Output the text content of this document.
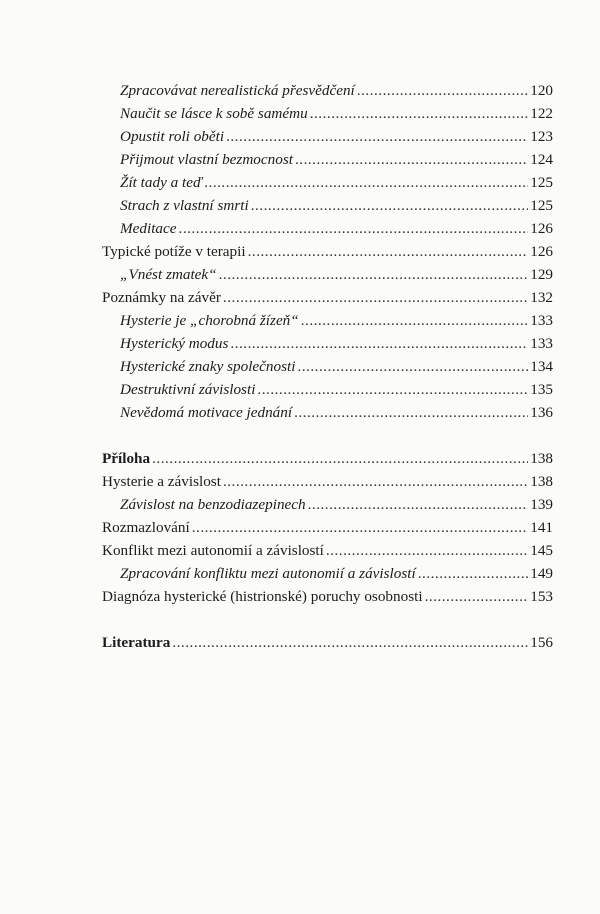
Zpracovávat nerealistická přesvědčení .....	120
Naučit se lásce k sobě samému .....	122
Opustit roli oběti .....	123
Přijmout vlastní bezmocnost .....	124
Žít tady a teď .....	125
Strach z vlastní smrti .....	125
Meditace .....	126
Typické potíže v terapii .....	126
„Vnést zmatek“ .....	129
Poznámky na závěr .....	132
Hysterie je „chorobná žízeň“ .....	133
Hysterický modus .....	133
Hysterické znaky společnosti .....	134
Destruktivní závislosti .....	135
Nevědomá motivace jednání .....	136
Příloha .....	138
Hysterie a závislost .....	138
Závislost na benzodiazepinech .....	139
Rozmazlování .....	141
Konflikt mezi autonomií a závislostí .....	145
Zpracování konfliktu mezi autonomií a závislostí .....	149
Diagnóza hysterické (histrionské) poruchy osobnosti .....	153
Literatura .....	156
